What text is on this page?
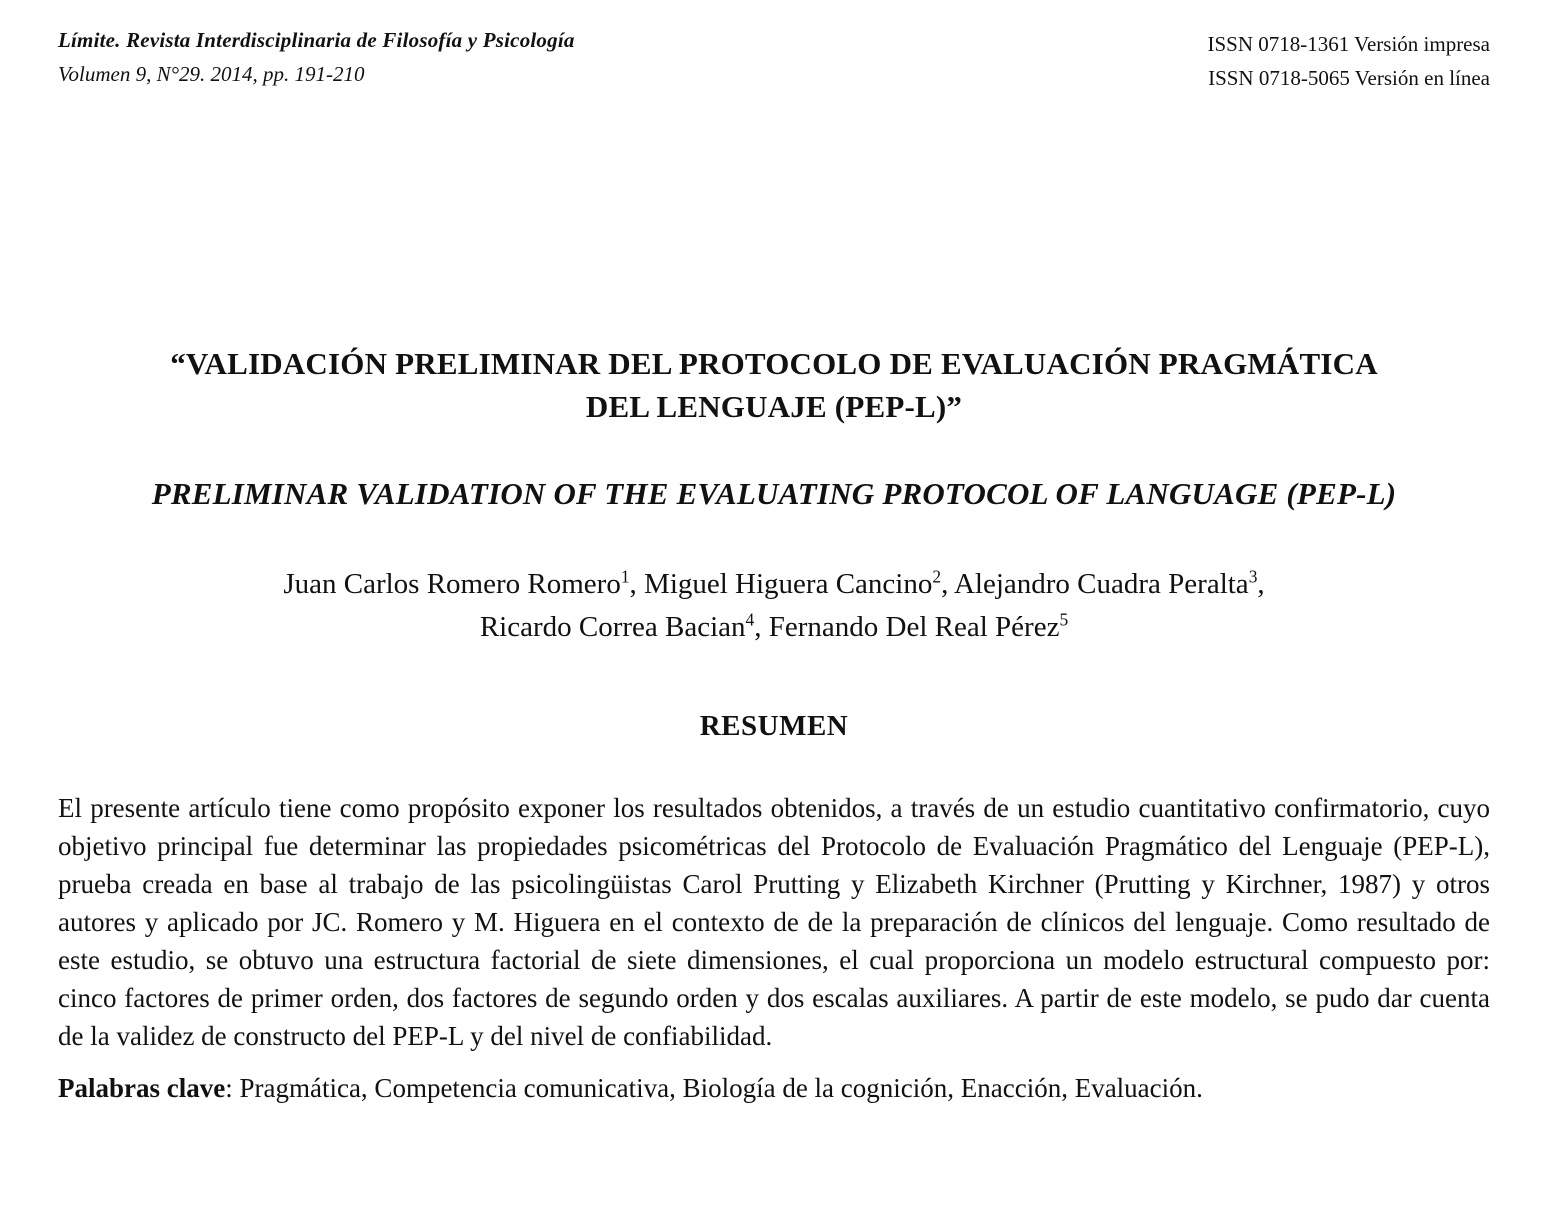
Límite. Revista Interdisciplinaria de Filosofía y Psicología
Volumen 9, N°29. 2014, pp. 191-210
ISSN 0718-1361 Versión impresa
ISSN 0718-5065 Versión en línea
“VALIDACIÓN PRELIMINAR DEL PROTOCOLO DE EVALUACIÓN PRAGMÁTICA DEL LENGUAJE (PEP-L)”
PRELIMINAR VALIDATION OF THE EVALUATING PROTOCOL OF LANGUAGE (PEP-L)
Juan Carlos Romero Romero$^1$, Miguel Higuera Cancino$^2$, Alejandro Cuadra Peralta$^3$,
Ricardo Correa Bacian$^4$, Fernando Del Real Pérez$^5$
RESUMEN

El presente artículo tiene como propósito exponer los resultados obtenidos, a través de un estudio cuantitativo confirmatorio, cuyo objetivo principal fue determinar las propiedades psicométricas del Protocolo de Evaluación Pragmático del Lenguaje (PEP-L), prueba creada en base al trabajo de las psicolingüistas Carol Prutting y Elizabeth Kirchner (Prutting y Kirchner, 1987) y otros autores y aplicado por JC. Romero y M. Higuera en el contexto de de la preparación de clínicos del lenguaje. Como resultado de este estudio, se obtuvo una estructura factorial de siete dimensiones, el cual proporciona un modelo estructural compuesto por: cinco factores de primer orden, dos factores de segundo orden y dos escalas auxiliares. A partir de este modelo, se pudo dar cuenta de la validez de constructo del PEP-L y del nivel de confiabilidad.

Palabras clave: Pragmática, Competencia comunicativa, Biología de la cognición, Enacción, Evaluación.
